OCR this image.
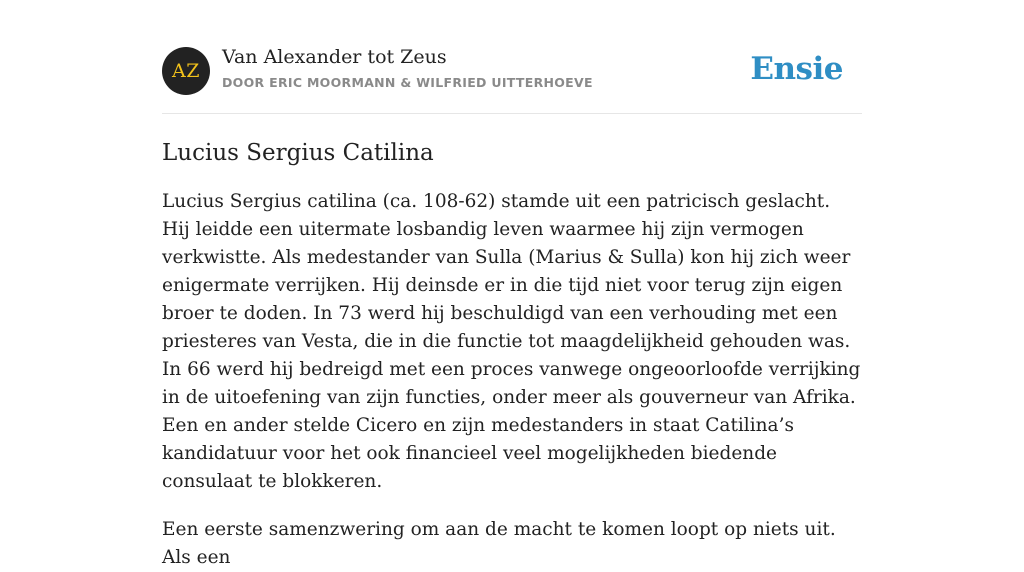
AZ
Van Alexander tot Zeus
DOOR ERIC MOORMANN & WILFRIED UITTERHOEVE	Ensie
Lucius Sergius Catilina

Lucius Sergius catilina (ca. 108-62) stamde uit een patricisch geslacht. Hij leidde een uitermate losbandig leven waarmee hij zijn vermogen verkwistte. Als medestander van Sulla (Marius & Sulla) kon hij zich weer enigermate verrijken. Hij deinsde er in die tijd niet voor terug zijn eigen broer te doden. In 73 werd hij beschuldigd van een verhouding met een priesteres van Vesta, die in die functie tot maagdelijkheid gehouden was. In 66 werd hij bedreigd met een proces vanwege ongeoorloofde verrijking in de uitoefening van zijn functies, onder meer als gouverneur van Afrika. Een en ander stelde Cicero en zijn medestanders in staat Catilina’s kandidatuur voor het ook financieel veel mogelijkheden biedende consulaat te blokkeren.

Een eerste samenzwering om aan de macht te komen loopt op niets uit. Als een
